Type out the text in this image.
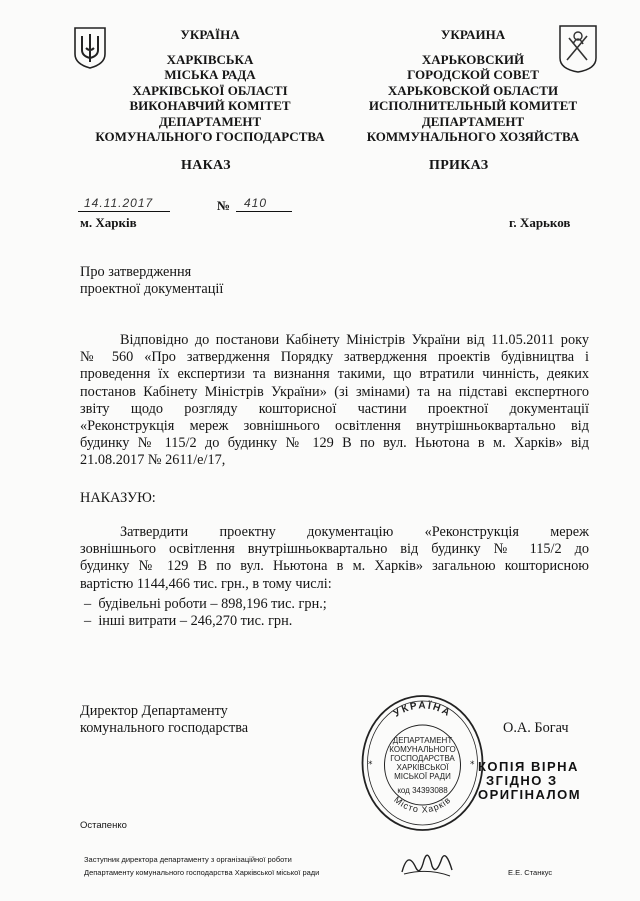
УКРАЇНА
ХАРКІВСЬКА
МІСЬКА РАДА
ХАРКІВСЬКОЇ ОБЛАСТІ
ВИКОНАВЧИЙ КОМІТЕТ
ДЕПАРТАМЕНТ
КОМУНАЛЬНОГО ГОСПОДАРСТВА
УКРАИНА
ХАРЬКОВСКИЙ
ГОРОДСКОЙ СОВЕТ
ХАРЬКОВСКОЙ ОБЛАСТИ
ИСПОЛНИТЕЛЬНЫЙ КОМИТЕТ
ДЕПАРТАМЕНТ
КОММУНАЛЬНОГО ХОЗЯЙСТВА
НАКАЗ	ПРИКАЗ
14.11.2017	№ 410
м. Харків	г. Харьков
Про затвердження
проектної документації
Відповідно до постанови Кабінету Міністрів України від 11.05.2011 року
№ 560 «Про затвердження Порядку затвердження проектів будівництва і
проведення їх експертизи та визнання такими, що втратили чинність, деяких
постанов Кабінету Міністрів України» (зі змінами) та на підставі експертного
звіту щодо розгляду кошторисної частини проектної документації
«Реконструкція мереж зовнішнього освітлення внутрішньоквартально від
будинку № 115/2 до будинку № 129 В по вул. Ньютона в м. Харків» від
21.08.2017 № 2611/е/17,
НАКАЗУЮ:
Затвердити проектну документацію «Реконструкція мереж
зовнішнього освітлення внутрішньоквартально від будинку № 115/2 до
будинку № 129 В по вул. Ньютона в м. Харків» загальною кошторисною
вартістю 1144,466 тис. грн., в тому числі:
– будівельні роботи – 898,196 тис. грн.;
– інші витрати – 246,270 тис. грн.
Директор Департаменту
комунального господарства	О.А. Богач
УКРАЇНА
ДЕПАРТАМЕНТ
КОМУНАЛЬНОГО
ГОСПОДАРСТВА
ХАРКІВСЬКОЇ
МІСЬКОЇ РАДИ
код 34393088
Місто Харків
*	* КОПІЯ ВІРНА
ЗГІДНО З
ОРИГІНАЛОМ
Остапенко
Заступник директора департаменту з організаційної роботи
Департаменту комунального господарства Харківської міської ради	Е.Е. Станкус
